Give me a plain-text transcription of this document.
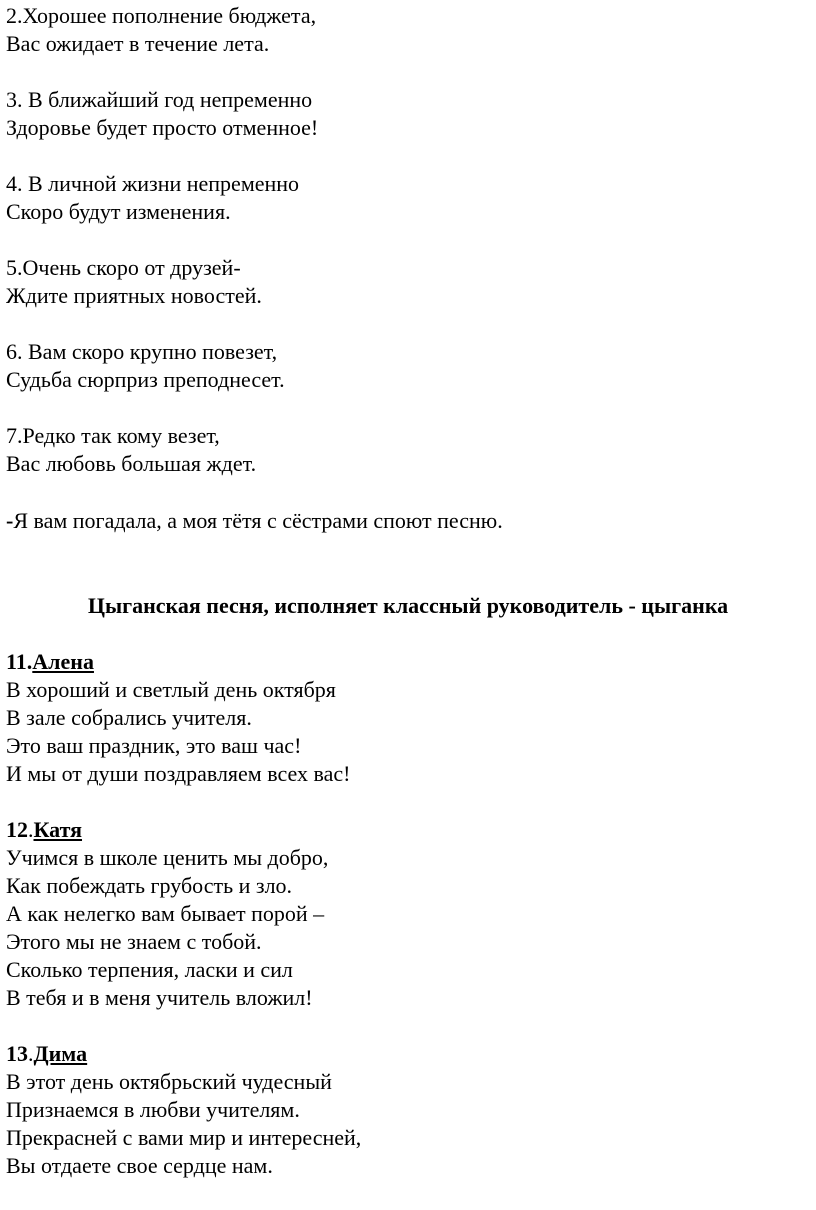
2.Хорошее пополнение бюджета,
Вас ожидает в течение лета.
3. В ближайший год непременно
Здоровье будет просто отменное!
4. В личной жизни непременно
Скоро будут изменения.
5.Очень скоро от друзей-
Ждите приятных новостей.
6. Вам скоро крупно повезет,
Судьба сюрприз преподнесет.
7.Редко так кому везет,
Вас любовь большая ждет.
-Я вам погадала, а моя тётя с сёстрами споют песню.
Цыганская песня, исполняет классный руководитель - цыганка
11.Алена
В хороший и светлый день октября
В зале собрались учителя.
Это ваш праздник, это ваш час!
И мы от души поздравляем всех вас!
12.Катя
Учимся в школе ценить мы добро,
Как побеждать грубость и зло.
А как нелегко вам бывает порой –
Этого мы не знаем с тобой.
Сколько терпения, ласки и сил
В тебя и в меня учитель вложил!
13.Дима
В этот день октябрьский чудесный
Признаемся в любви учителям.
Прекрасней с вами мир и интересней,
Вы отдаете свое сердце нам.
